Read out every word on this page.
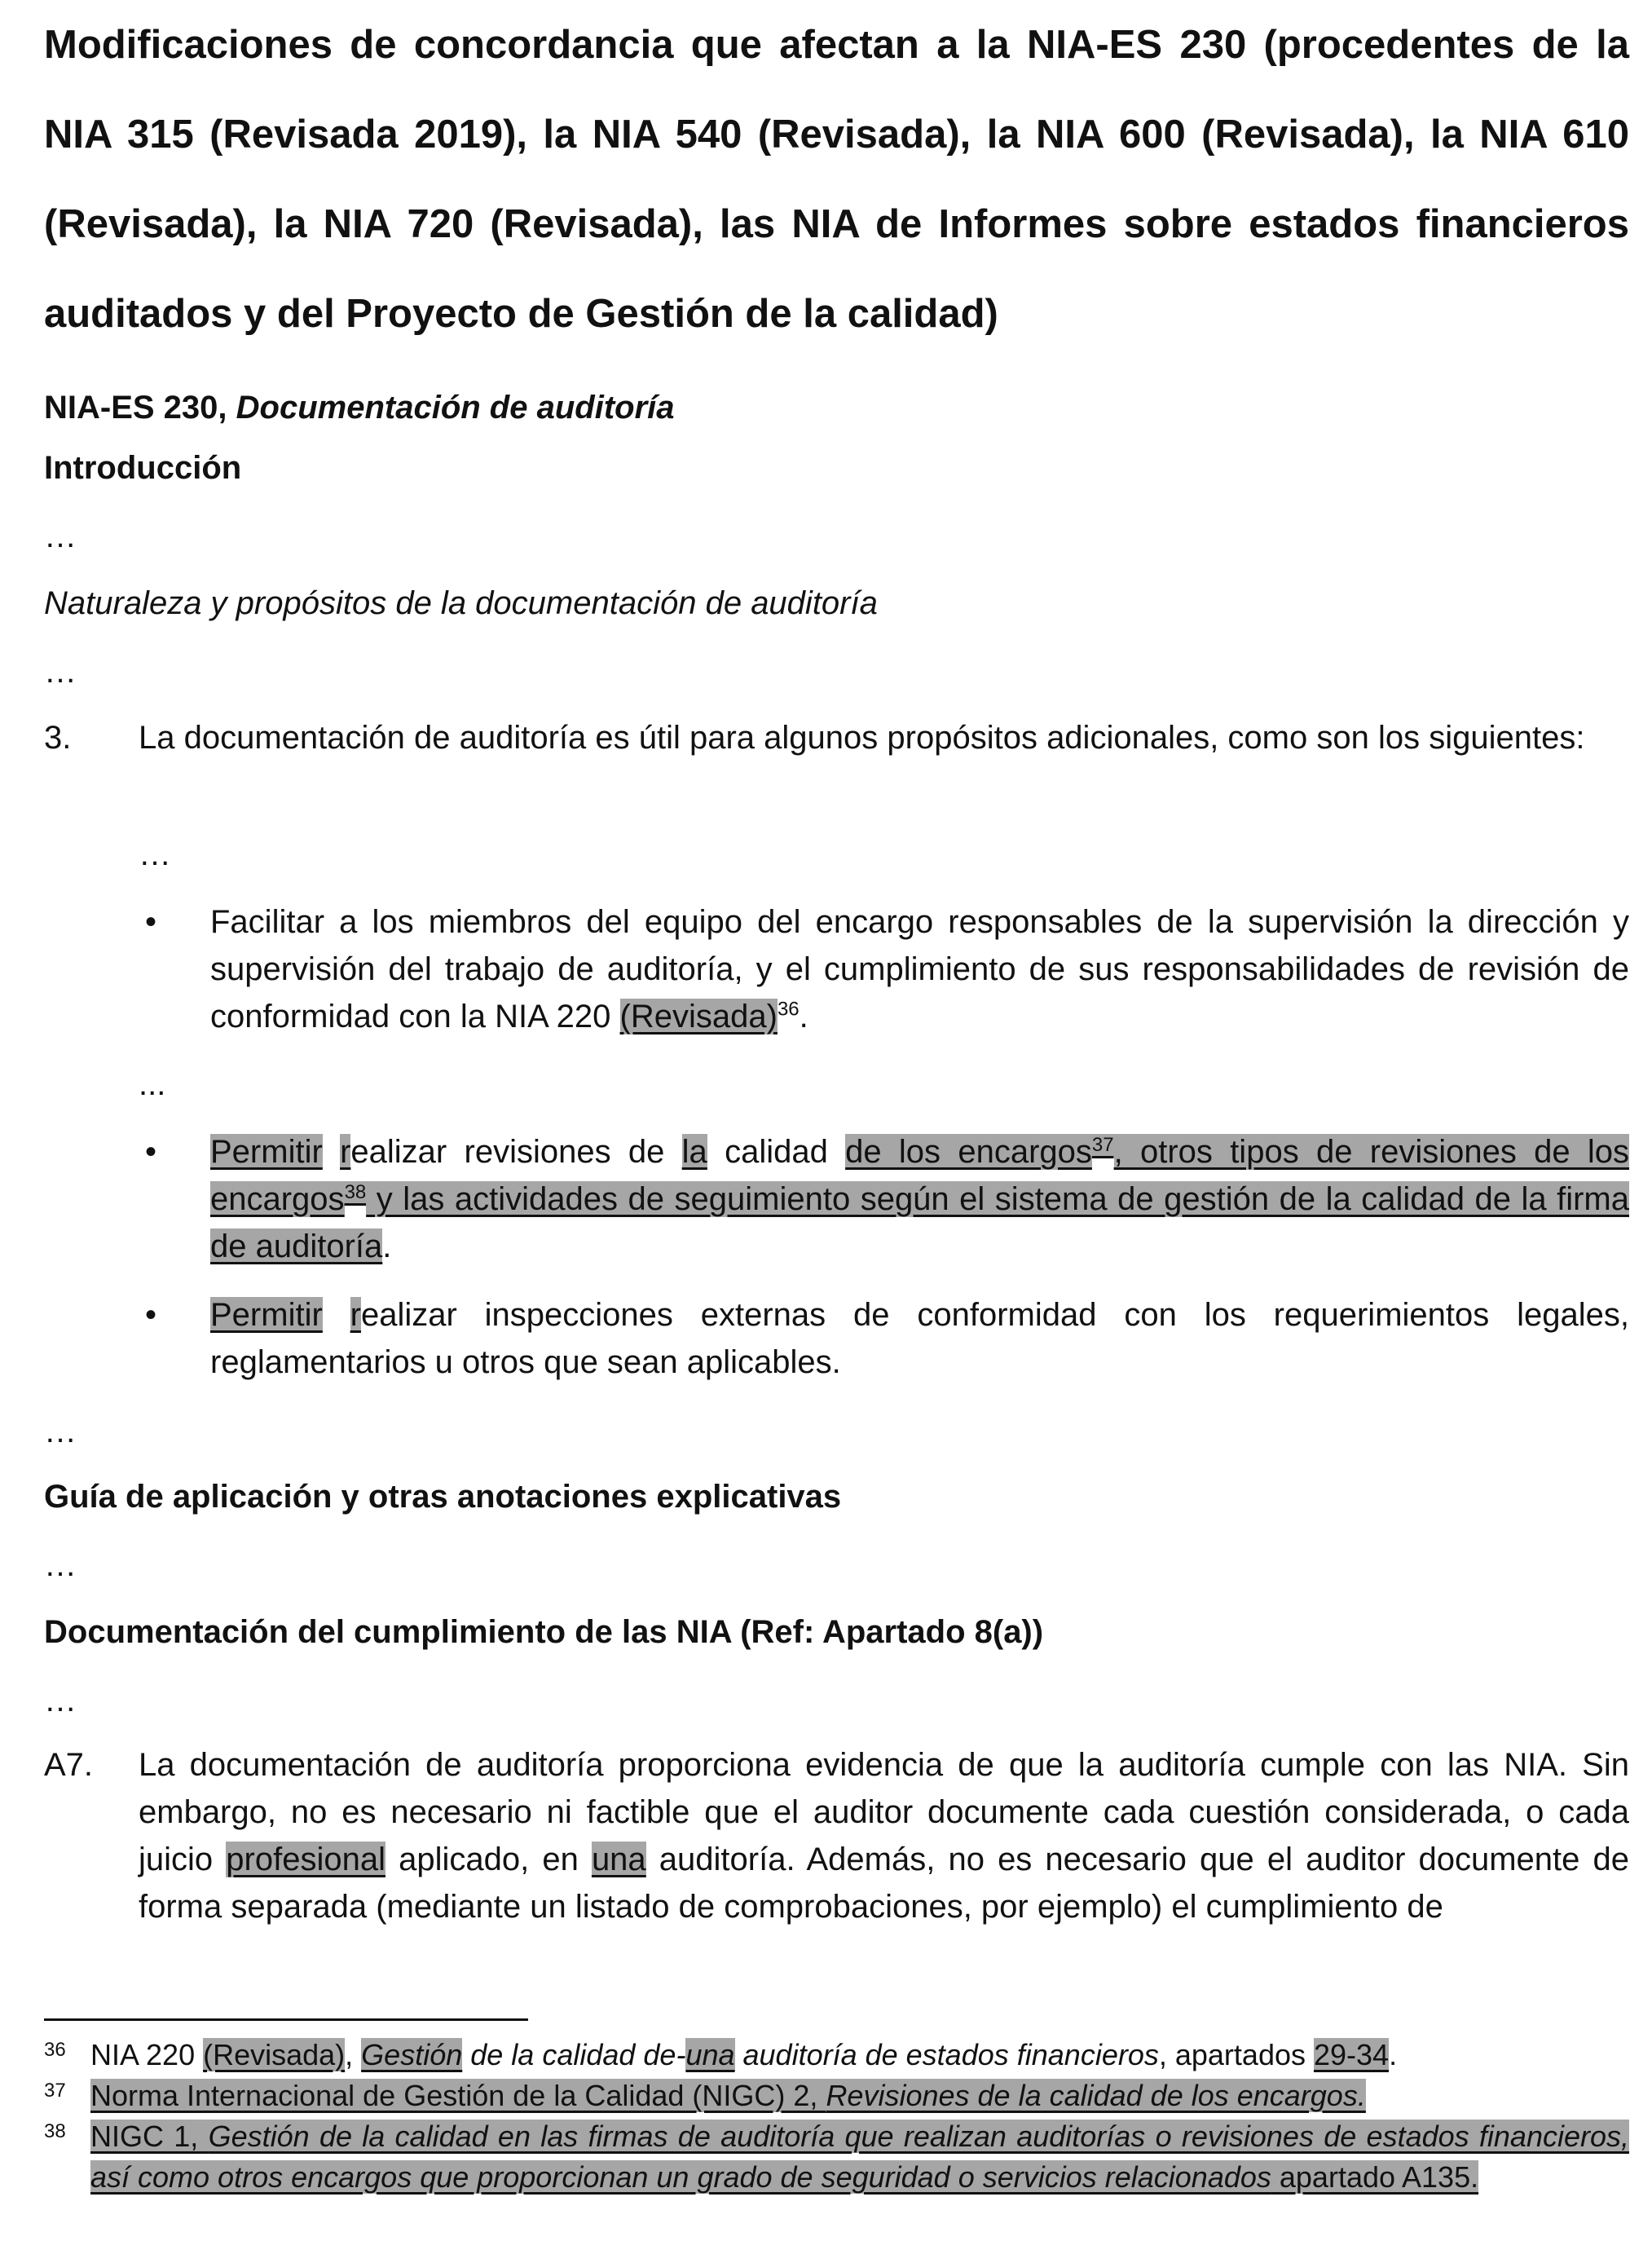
Modificaciones de concordancia que afectan a la NIA-ES 230 (procedentes de la NIA 315 (Revisada 2019), la NIA 540 (Revisada), la NIA 600 (Revisada), la NIA 610 (Revisada), la NIA 720 (Revisada), las NIA de Informes sobre estados financieros auditados y del Proyecto de Gestión de la calidad)

NIA-ES 230, Documentación de auditoría

Introducción

…

Naturaleza y propósitos de la documentación de auditoría

…

3. La documentación de auditoría es útil para algunos propósitos adicionales, como son los siguientes:

…

• Facilitar a los miembros del equipo del encargo responsables de la supervisión la dirección y supervisión del trabajo de auditoría, y el cumplimiento de sus responsabilidades de revisión de conformidad con la NIA 220 (Revisada)$^{36}$.

...

• Permitir realizar revisiones de la calidad de los encargos$^{37}$, otros tipos de revisiones de los encargos$^{38}$ y las actividades de seguimiento según el sistema de gestión de la calidad de la firma de auditoría.

• Permitir realizar inspecciones externas de conformidad con los requerimientos legales, reglamentarios u otros que sean aplicables.

…

Guía de aplicación y otras anotaciones explicativas

…

Documentación del cumplimiento de las NIA (Ref: Apartado 8(a))

…

A7. La documentación de auditoría proporciona evidencia de que la auditoría cumple con las NIA. Sin embargo, no es necesario ni factible que el auditor documente cada cuestión considerada, o cada juicio profesional aplicado, en una auditoría. Además, no es necesario que el auditor documente de forma separada (mediante un listado de comprobaciones, por ejemplo) el cumplimiento de

36 NIA 220 (Revisada), Gestión de la calidad de-una auditoría de estados financieros, apartados 29-34.

37 Norma Internacional de Gestión de la Calidad (NIGC) 2, Revisiones de la calidad de los encargos.

38 NIGC 1, Gestión de la calidad en las firmas de auditoría que realizan auditorías o revisiones de estados financieros, así como otros encargos que proporcionan un grado de seguridad o servicios relacionados apartado A135.
